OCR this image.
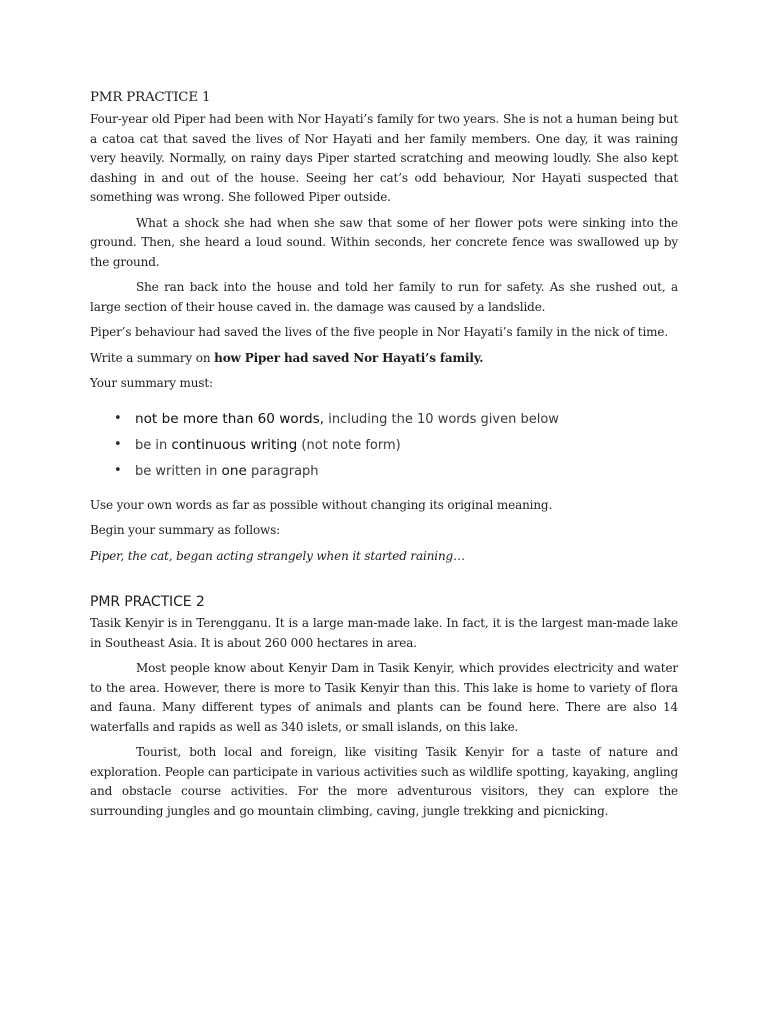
PMR PRACTICE 1

Four-year old Piper had been with Nor Hayati’s family for two years. She is not a human being but a catoa cat that saved the lives of Nor Hayati and her family members. One day, it was raining very heavily. Normally, on rainy days Piper started scratching and meowing loudly. She also kept dashing in and out of the house. Seeing her cat’s odd behaviour, Nor Hayati suspected that something was wrong. She followed Piper outside.

What a shock she had when she saw that some of her flower pots were sinking into the ground. Then, she heard a loud sound. Within seconds, her concrete fence was swallowed up by the ground.

She ran back into the house and told her family to run for safety. As she rushed out, a large section of their house caved in. the damage was caused by a landslide.

Piper’s behaviour had saved the lives of the five people in Nor Hayati’s family in the nick of time.

Write a summary on how Piper had saved Nor Hayati’s family.

Your summary must:

• not be more than 60 words, including the 10 words given below
• be in continuous writing (not note form)
• be written in one paragraph

Use your own words as far as possible without changing its original meaning.

Begin your summary as follows:

Piper, the cat, began acting strangely when it started raining…

PMR PRACTICE 2

Tasik Kenyir is in Terengganu. It is a large man-made lake. In fact, it is the largest man-made lake in Southeast Asia. It is about 260 000 hectares in area.

Most people know about Kenyir Dam in Tasik Kenyir, which provides electricity and water to the area. However, there is more to Tasik Kenyir than this. This lake is home to variety of flora and fauna. Many different types of animals and plants can be found here. There are also 14 waterfalls and rapids as well as 340 islets, or small islands, on this lake.

Tourist, both local and foreign, like visiting Tasik Kenyir for a taste of nature and exploration. People can participate in various activities such as wildlife spotting, kayaking, angling and obstacle course activities. For the more adventurous visitors, they can explore the surrounding jungles and go mountain climbing, caving, jungle trekking and picnicking.
